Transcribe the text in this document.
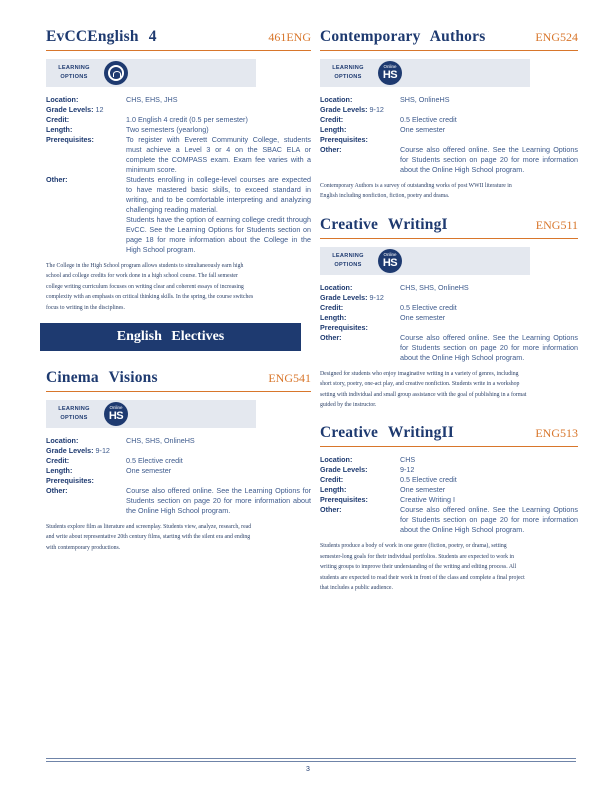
EvCCEnglish 4	461ENG
LEARNING OPTIONS
Location:	CHS, EHS, JHS
Grade Levels: 12
Credit:	1.0 English 4 credit (0.5 per semester)
Length:	Two semesters (yearlong)
Prerequisites:	To register with Everett Community College, students must achieve a Level 3 or 4 on the SBAC ELA or complete the COMPASS exam. Exam fee varies with a minimum score.
Other:	Students enrolling in college-level courses are expected to have mastered basic skills, to exceed standard in writing, and to be comfortable interpreting and analyzing challenging reading material.
Students have the option of earning college credit through EvCC. See the Learning Options for Students section on page 18 for more information about the College in the High School program.
The College in the High School program allows students to simultaneously earn high school and college credits for work done in a high school course. The fall semester college writing curriculum focuses on writing clear and coherent essays of increasing complexity with an emphasis on critical thinking skills. In the spring, the course switches focus to writing in the disciplines.
English Electives
Cinema Visions	ENG541
LEARNING OPTIONS
Online
HS
Location:	CHS, SHS, OnlineHS
Grade Levels: 9-12
Credit:	0.5 Elective credit
Length:	One semester
Prerequisites:
Other:	Course also offered online. See the Learning Options for Students section on page 20 for more information about the Online High School program.
Students explore film as literature and screenplay. Students view, analyze, research, read and write about representative 20th century films, starting with the silent era and ending with contemporary productions.
Contemporary Authors	ENG524
LEARNING OPTIONS
Online
HS
Location:	SHS, OnlineHS
Grade Levels: 9-12
Credit:	0.5 Elective credit
Length:	One semester
Prerequisites:
Other:	Course also offered online. See the Learning Options for Students section on page 20 for more information about the Online High School program.
Contemporary Authors is a survey of outstanding works of post WWII literature in English including nonfiction, fiction, poetry and drama.
Creative WritingI	ENG511
LEARNING OPTIONS
Online
HS
Location:	CHS, SHS, OnlineHS
Grade Levels: 9-12
Credit:	0.5 Elective credit
Length:	One semester
Prerequisites:
Other:	Course also offered online. See the Learning Options for Students section on page 20 for more information about the Online High School program.
Designed for students who enjoy imaginative writing in a variety of genres, including short story, poetry, one-act play, and creative nonfiction. Students write in a workshop setting with individual and small group assistance with the goal of publishing in a format guided by the instructor.
Creative WritingII	ENG513
Location:	CHS
Grade Levels:	9-12
Credit:	0.5 Elective credit
Length:	One semester
Prerequisites:	Creative Writing I
Other:	Course also offered online. See the Learning Options for Students section on page 20 for more information about the Online High School program.
Students produce a body of work in one genre (fiction, poetry, or drama), setting semester-long goals for their individual portfolios. Students are expected to work in writing groups to improve their understanding of the writing and editing process. All students are expected to read their work in front of the class and complete a final project that includes a public audience.
3
